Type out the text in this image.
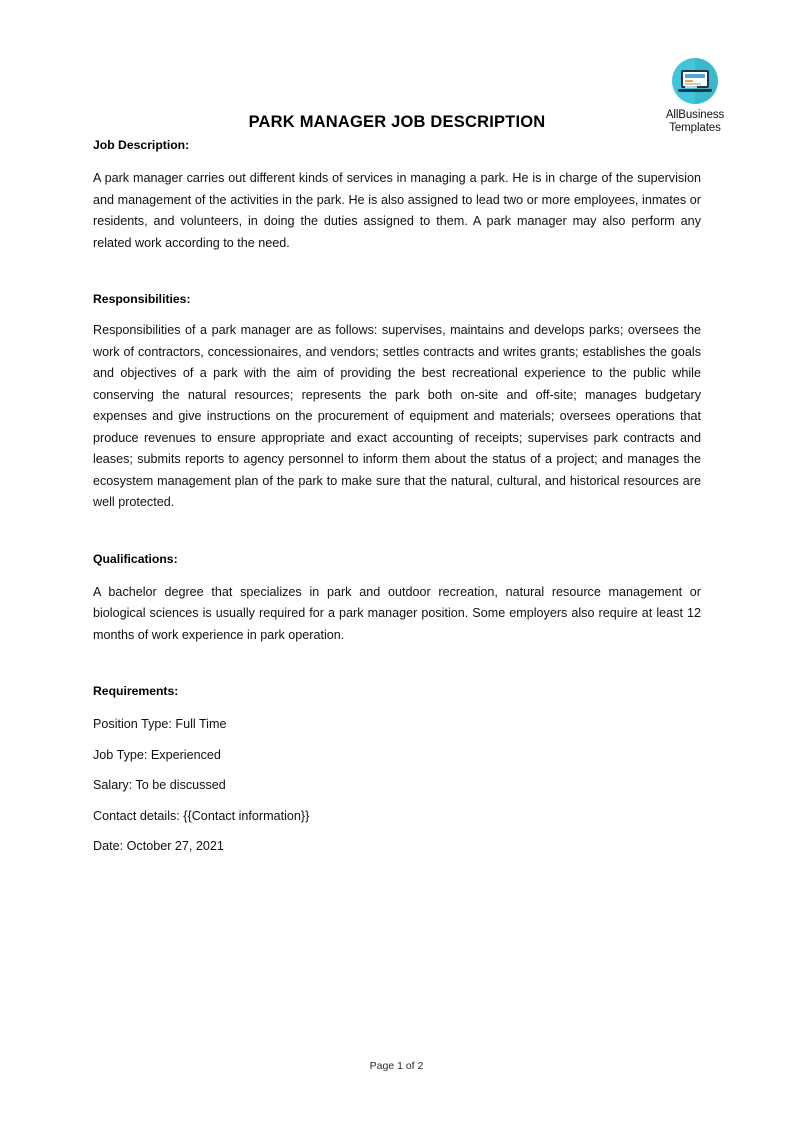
AllBusiness
Templates
PARK MANAGER JOB DESCRIPTION
Job Description:

A park manager carries out different kinds of services in managing a park. He is in charge of the supervision and management of the activities in the park. He is also assigned to lead two or more employees, inmates or residents, and volunteers, in doing the duties assigned to them. A park manager may also perform any related work according to the need.

Responsibilities:

Responsibilities of a park manager are as follows: supervises, maintains and develops parks; oversees the work of contractors, concessionaires, and vendors; settles contracts and writes grants; establishes the goals and objectives of a park with the aim of providing the best recreational experience to the public while conserving the natural resources; represents the park both on-site and off-site; manages budgetary expenses and give instructions on the procurement of equipment and materials; oversees operations that produce revenues to ensure appropriate and exact accounting of receipts; supervises park contracts and leases; submits reports to agency personnel to inform them about the status of a project; and manages the ecosystem management plan of the park to make sure that the natural, cultural, and historical resources are well protected.

Qualifications:

A bachelor degree that specializes in park and outdoor recreation, natural resource management or biological sciences is usually required for a park manager position. Some employers also require at least 12 months of work experience in park operation.

Requirements:
Position Type: Full Time
Job Type: Experienced
Salary: To be discussed
Contact details: {{Contact information}}
Date: October 27, 2021
Page 1 of 2
